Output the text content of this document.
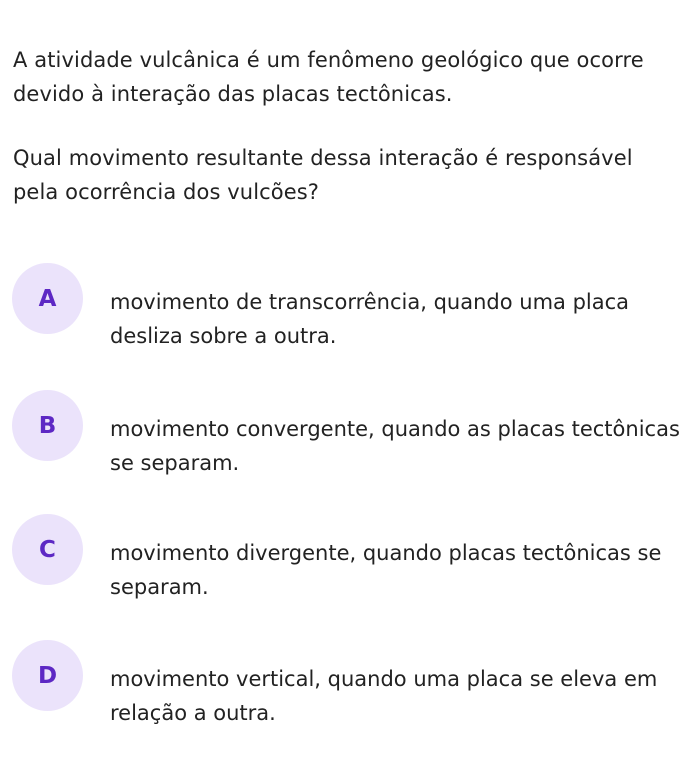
A atividade vulcânica é um fenômeno geológico que ocorre devido à interação das placas tectônicas.

Qual movimento resultante dessa interação é responsável pela ocorrência dos vulcões?

A	movimento de transcorrência, quando uma placa desliza sobre a outra.

B	movimento convergente, quando as placas tectônicas se separam.

C	movimento divergente, quando placas tectônicas se separam.

D	movimento vertical, quando uma placa se eleva em relação a outra.
